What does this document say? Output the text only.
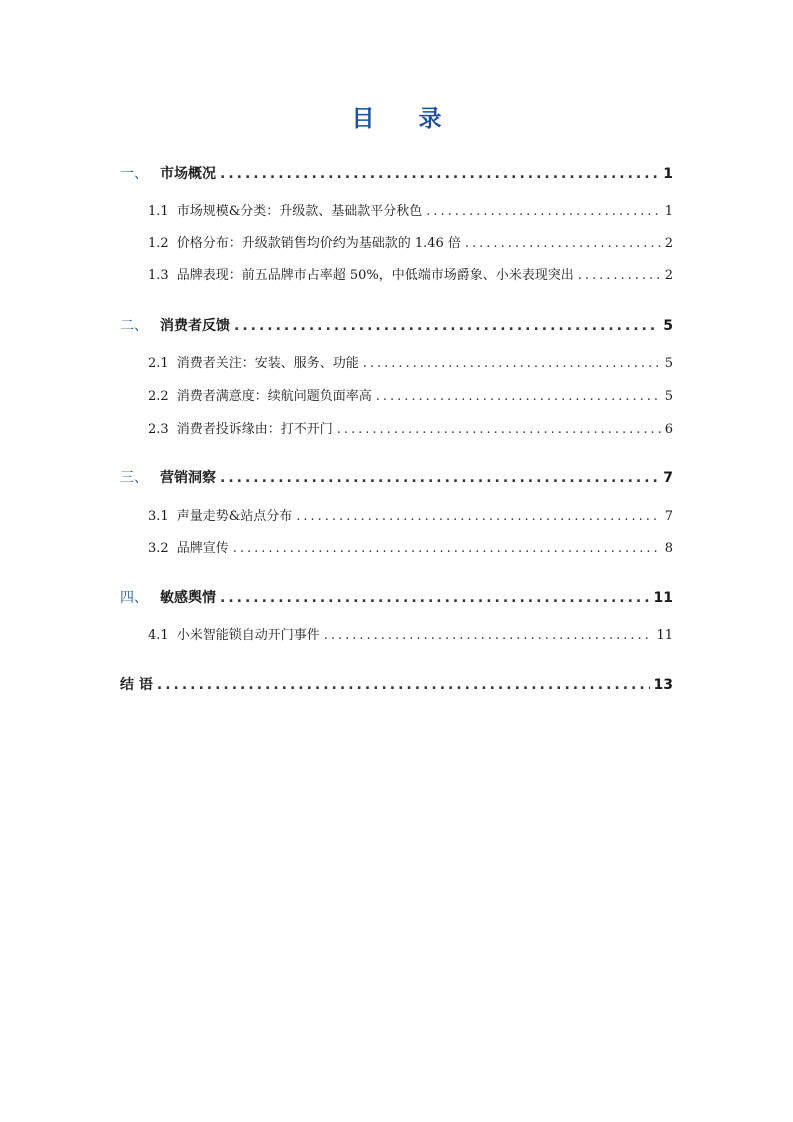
目 录
一、 市场概况 .....	1
1.1 市场规模&分类：升级款、基础款平分秋色 .....	1
1.2 价格分布：升级款销售均价约为基础款的 1.46 倍 .....	2
1.3 品牌表现：前五品牌市占率超 50%，中低端市场爵象、小米表现突出 .....	2
二、 消费者反馈 .....	5
2.1 消费者关注：安装、服务、功能 .....	5
2.2 消费者满意度：续航问题负面率高 .....	5
2.3 消费者投诉缘由：打不开门 .....	6
三、 营销洞察 .....	7
3.1 声量走势&站点分布 .....	7
3.2 品牌宣传 .....	8
四、 敏感舆情 .....	11
4.1 小米智能锁自动开门事件 .....	11
结 语 .....	13
